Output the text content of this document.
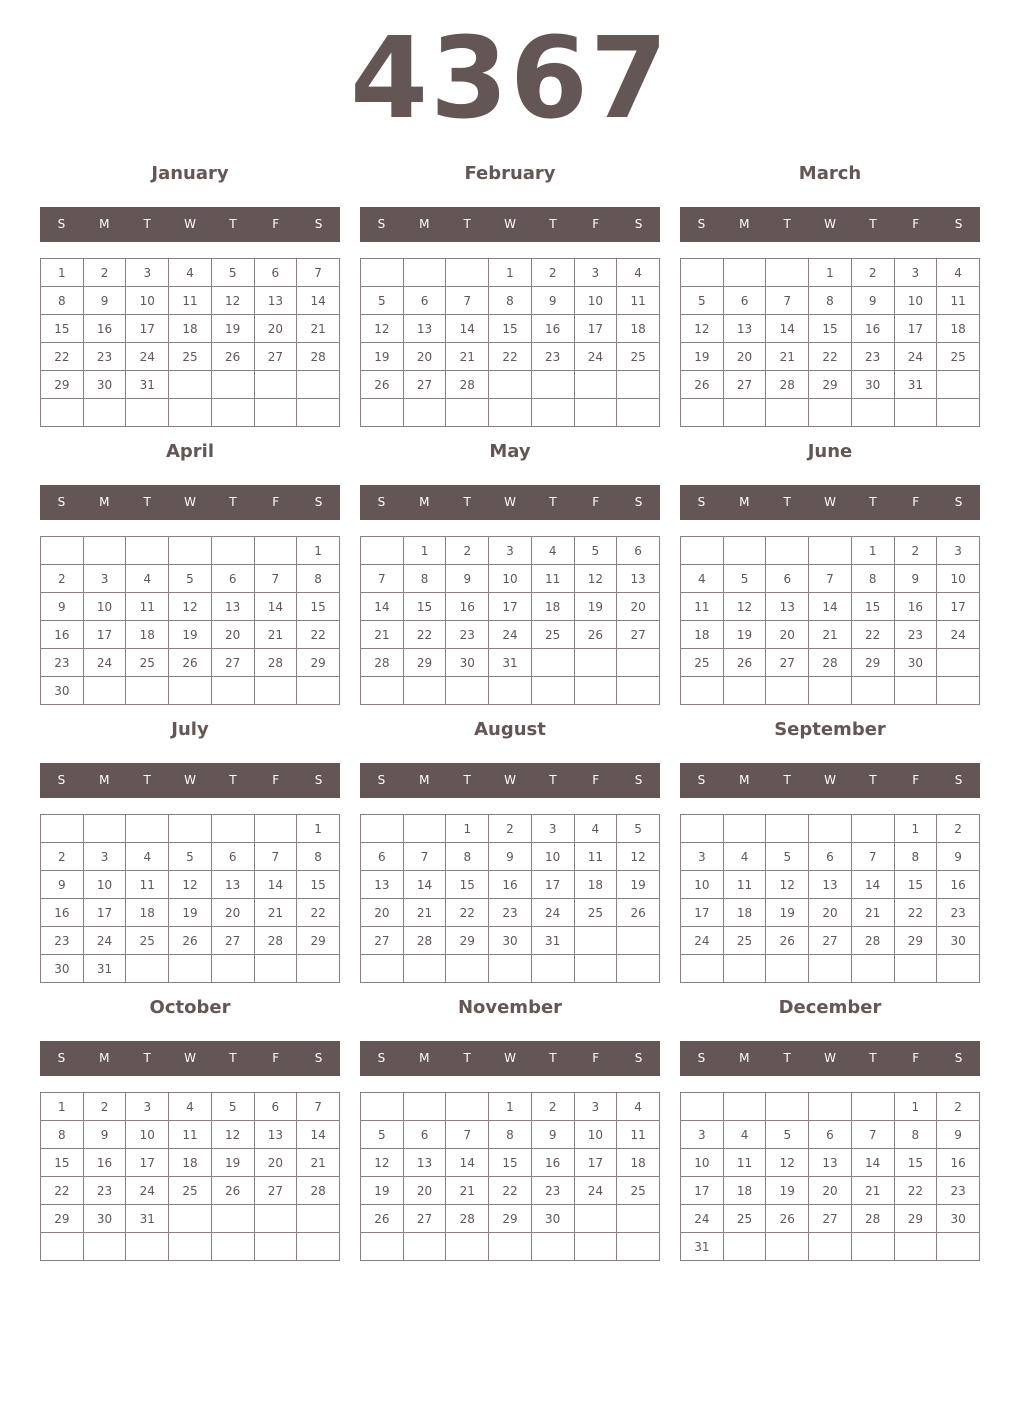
4367
January
S	M	T	W	T	F	S
1	2	3	4	5	6	7
8	9	10	11	12	13	14
15	16	17	18	19	20	21
22	23	24	25	26	27	28
29	30	31				

February
S	M	T	W	T	F	S
			1	2	3	4
5	6	7	8	9	10	11
12	13	14	15	16	17	18
19	20	21	22	23	24	25
26	27	28				

March
S	M	T	W	T	F	S
			1	2	3	4
5	6	7	8	9	10	11
12	13	14	15	16	17	18
19	20	21	22	23	24	25
26	27	28	29	30	31	

April
S	M	T	W	T	F	S
						1
2	3	4	5	6	7	8
9	10	11	12	13	14	15
16	17	18	19	20	21	22
23	24	25	26	27	28	29
30						
May
S	M	T	W	T	F	S
	1	2	3	4	5	6
7	8	9	10	11	12	13
14	15	16	17	18	19	20
21	22	23	24	25	26	27
28	29	30	31			

June
S	M	T	W	T	F	S
				1	2	3
4	5	6	7	8	9	10
11	12	13	14	15	16	17
18	19	20	21	22	23	24
25	26	27	28	29	30	

July
S	M	T	W	T	F	S
						1
2	3	4	5	6	7	8
9	10	11	12	13	14	15
16	17	18	19	20	21	22
23	24	25	26	27	28	29
30	31					
August
S	M	T	W	T	F	S
		1	2	3	4	5
6	7	8	9	10	11	12
13	14	15	16	17	18	19
20	21	22	23	24	25	26
27	28	29	30	31		

September
S	M	T	W	T	F	S
					1	2
3	4	5	6	7	8	9
10	11	12	13	14	15	16
17	18	19	20	21	22	23
24	25	26	27	28	29	30

October
S	M	T	W	T	F	S
1	2	3	4	5	6	7
8	9	10	11	12	13	14
15	16	17	18	19	20	21
22	23	24	25	26	27	28
29	30	31				

November
S	M	T	W	T	F	S
			1	2	3	4
5	6	7	8	9	10	11
12	13	14	15	16	17	18
19	20	21	22	23	24	25
26	27	28	29	30		

December
S	M	T	W	T	F	S
					1	2
3	4	5	6	7	8	9
10	11	12	13	14	15	16
17	18	19	20	21	22	23
24	25	26	27	28	29	30
31						
